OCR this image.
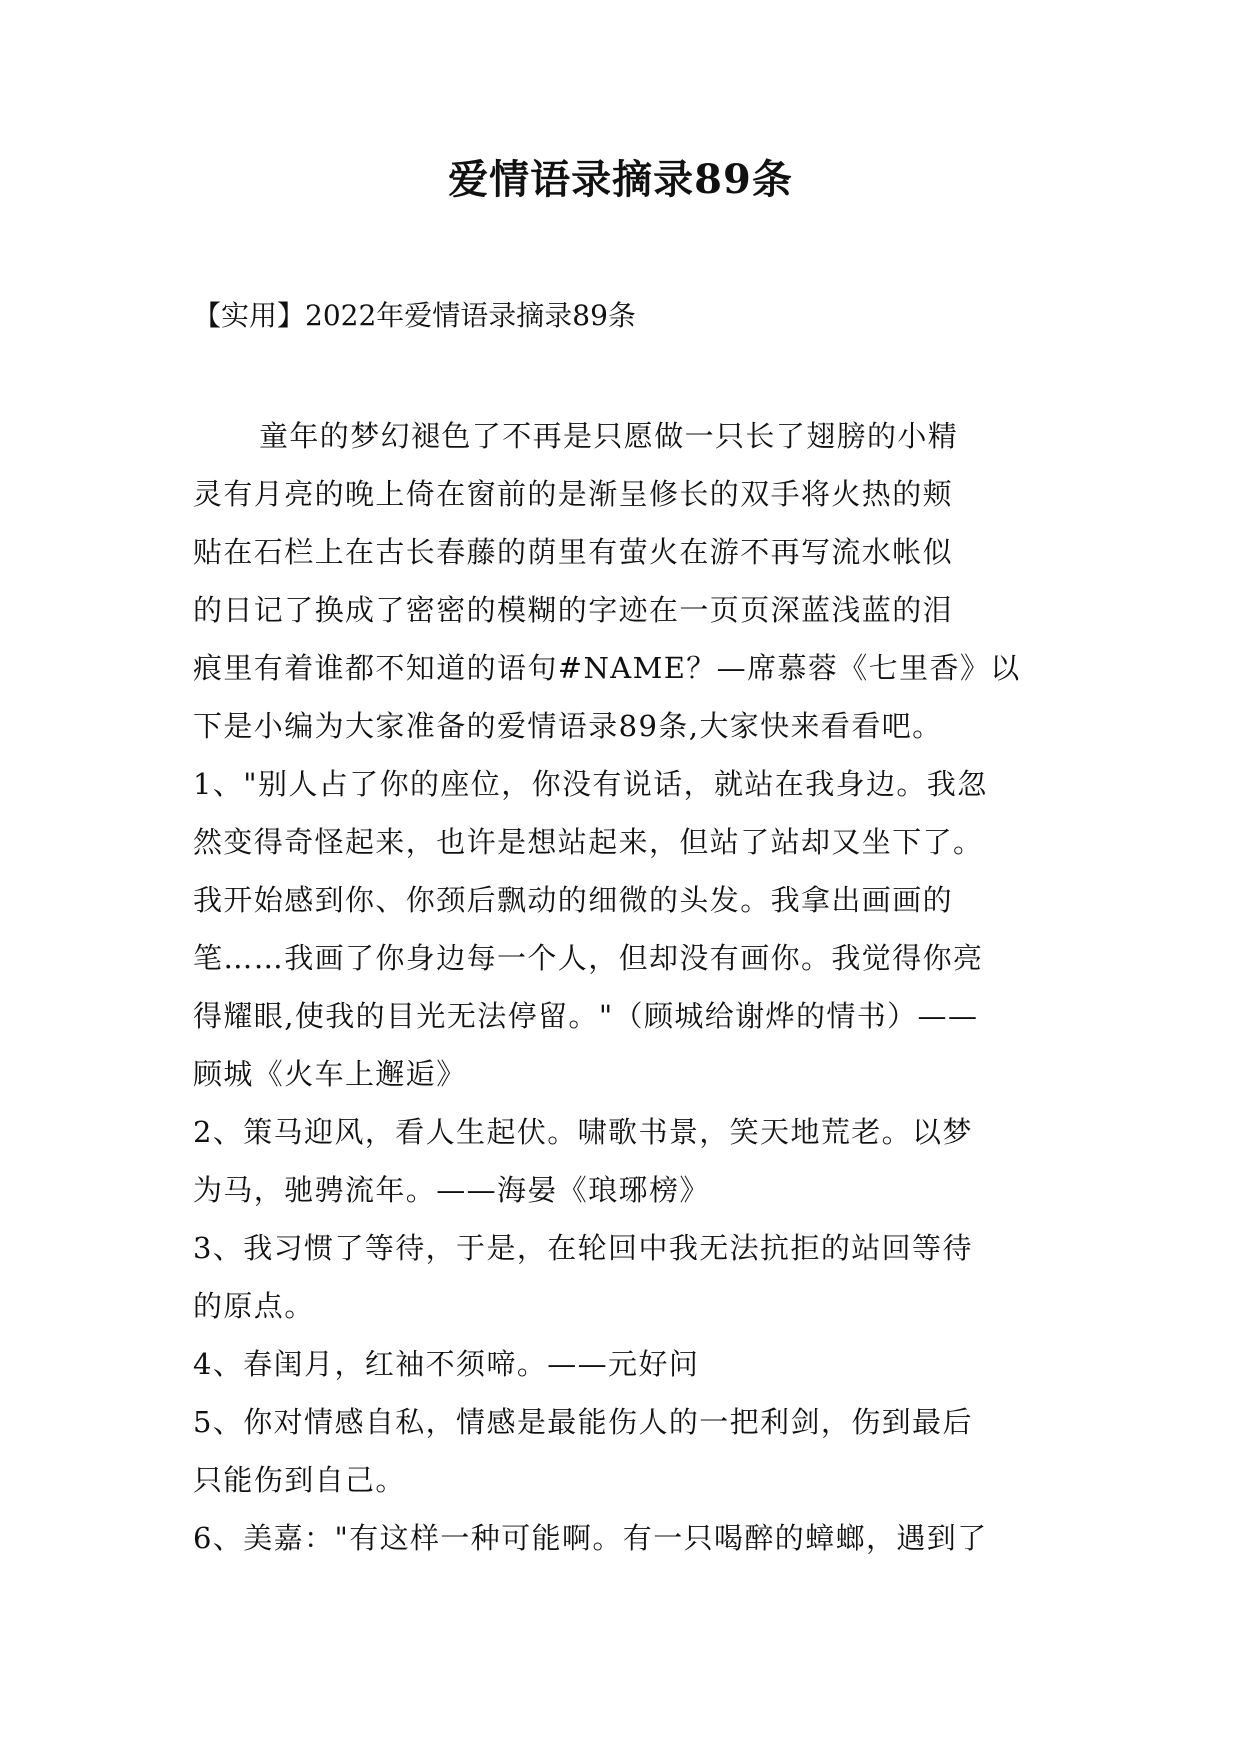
爱情语录摘录89条
【实用】2022年爱情语录摘录89条
童年的梦幻褪色了不再是只愿做一只长了翅膀的小精
灵有月亮的晚上倚在窗前的是渐呈修长的双手将火热的颊
贴在石栏上在古长春藤的荫里有萤火在游不再写流水帐似
的日记了换成了密密的模糊的字迹在一页页深蓝浅蓝的泪
痕里有着谁都不知道的语句#NAME？—席慕蓉《七里香》以
下是小编为大家准备的爱情语录89条,大家快来看看吧。
1、"别人占了你的座位，你没有说话，就站在我身边。我忽
然变得奇怪起来，也许是想站起来，但站了站却又坐下了。
我开始感到你、你颈后飘动的细微的头发。我拿出画画的
笔……我画了你身边每一个人，但却没有画你。我觉得你亮
得耀眼,使我的目光无法停留。"（顾城给谢烨的情书）——
顾城《火车上邂逅》
2、策马迎风，看人生起伏。啸歌书景，笑天地荒老。以梦
为马，驰骋流年。——海晏《琅琊榜》
3、我习惯了等待，于是，在轮回中我无法抗拒的站回等待
的原点。
4、春闺月，红袖不须啼。——元好问
5、你对情感自私，情感是最能伤人的一把利剑，伤到最后
只能伤到自己。
6、美嘉："有这样一种可能啊。有一只喝醉的蟑螂，遇到了
